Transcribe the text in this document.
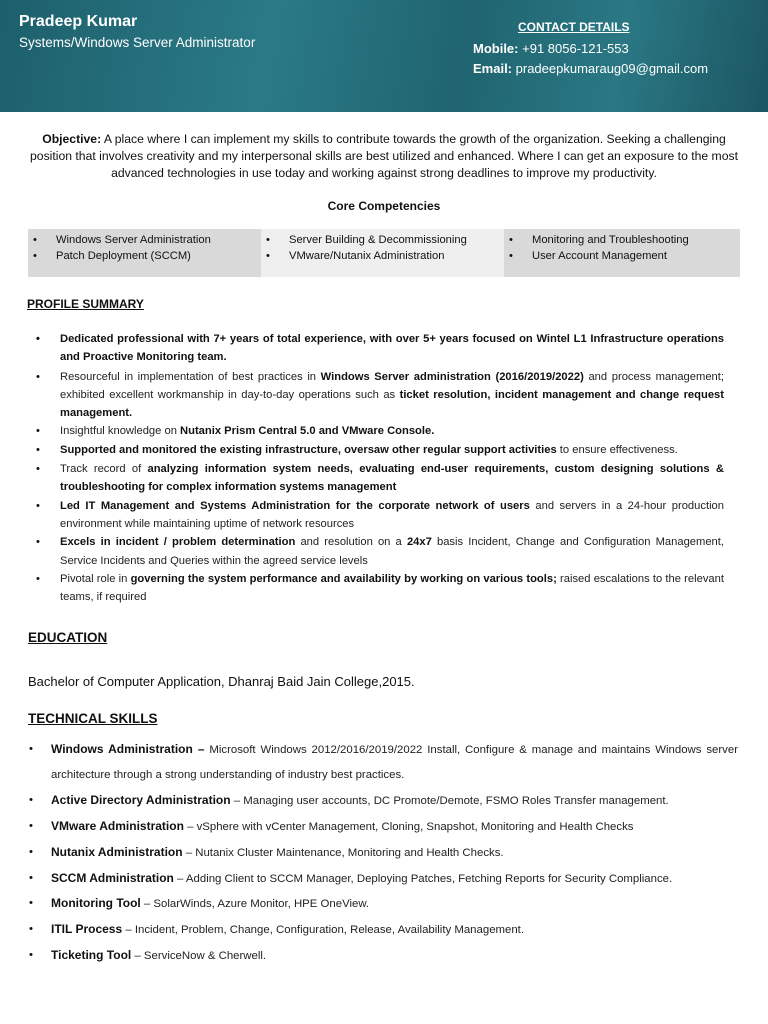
Pradeep Kumar
Systems/Windows Server Administrator
CONTACT DETAILS
Mobile: +91 8056-121-553
Email: pradeepkumaraug09@gmail.com
Objective: A place where I can implement my skills to contribute towards the growth of the organization. Seeking a challenging position that involves creativity and my interpersonal skills are best utilized and enhanced. Where I can get an exposure to the most advanced technologies in use today and working against strong deadlines to improve my productivity.
Core Competencies
• Windows Server Administration
• Patch Deployment (SCCM)
• Server Building & Decommissioning
• VMware/Nutanix Administration
• Monitoring and Troubleshooting
• User Account Management
PROFILE SUMMARY
• Dedicated professional with 7+ years of total experience, with over 5+ years focused on Wintel L1 Infrastructure operations and Proactive Monitoring team.
• Resourceful in implementation of best practices in Windows Server administration (2016/2019/2022) and process management; exhibited excellent workmanship in day-to-day operations such as ticket resolution, incident management and change request management.
• Insightful knowledge on Nutanix Prism Central 5.0 and VMware Console.
• Supported and monitored the existing infrastructure, oversaw other regular support activities to ensure effectiveness.
• Track record of analyzing information system needs, evaluating end-user requirements, custom designing solutions & troubleshooting for complex information systems management
• Led IT Management and Systems Administration for the corporate network of users and servers in a 24-hour production environment while maintaining uptime of network resources
• Excels in incident / problem determination and resolution on a 24x7 basis Incident, Change and Configuration Management, Service Incidents and Queries within the agreed service levels
• Pivotal role in governing the system performance and availability by working on various tools; raised escalations to the relevant teams, if required
EDUCATION
Bachelor of Computer Application, Dhanraj Baid Jain College,2015.
TECHNICAL SKILLS
• Windows Administration – Microsoft Windows 2012/2016/2019/2022 Install, Configure & manage and maintains Windows server architecture through a strong understanding of industry best practices.
• Active Directory Administration – Managing user accounts, DC Promote/Demote, FSMO Roles Transfer management.
• VMware Administration – vSphere with vCenter Management, Cloning, Snapshot, Monitoring and Health Checks
• Nutanix Administration – Nutanix Cluster Maintenance, Monitoring and Health Checks.
• SCCM Administration – Adding Client to SCCM Manager, Deploying Patches, Fetching Reports for Security Compliance.
• Monitoring Tool – SolarWinds, Azure Monitor, HPE OneView.
• ITIL Process – Incident, Problem, Change, Configuration, Release, Availability Management.
• Ticketing Tool – ServiceNow & Cherwell.
